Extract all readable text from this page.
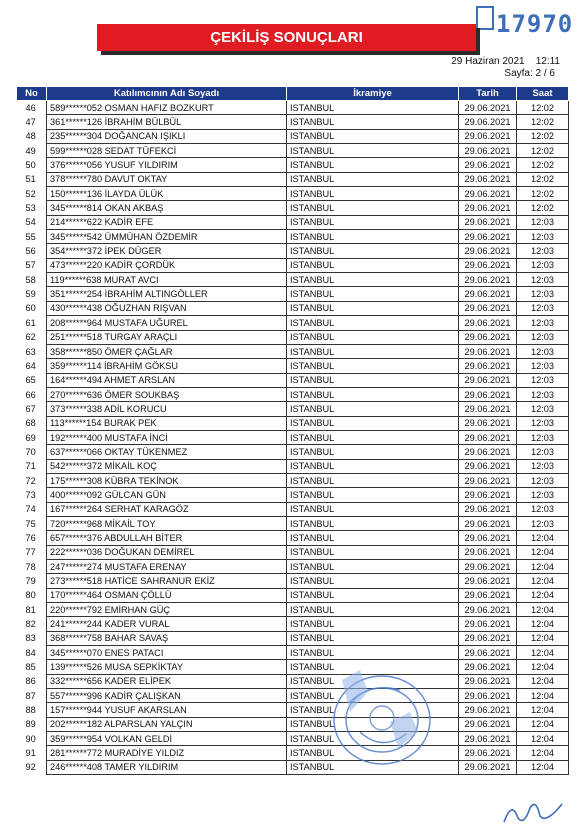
17970
ÇEKİLİŞ SONUÇLARI
29 Haziran 2021    12:11
Sayfa: 2 / 6
No	Katılımcının Adı Soyadı	İkramiye	Tarih	Saat
46	589******052 OSMAN HAFIZ BOZKURT	ISTANBUL	29.06.2021	12:02
47	361******126 İBRAHİM BÜLBÜL	ISTANBUL	29.06.2021	12:02
48	235******304 DOĞANCAN IŞIKLI	ISTANBUL	29.06.2021	12:02
49	599******028 SEDAT TÜFEKCİ	ISTANBUL	29.06.2021	12:02
50	376******056 YUSUF YILDIRIM	ISTANBUL	29.06.2021	12:02
51	378******780 DAVUT OKTAY	ISTANBUL	29.06.2021	12:02
52	150******136 İLAYDA ÜLÜK	ISTANBUL	29.06.2021	12:02
53	345******814 OKAN AKBAŞ	ISTANBUL	29.06.2021	12:02
54	214******622 KADİR EFE	ISTANBUL	29.06.2021	12:03
55	345******542 ÜMMÜHAN ÖZDEMİR	ISTANBUL	29.06.2021	12:03
56	354******372 İPEK DÜGER	ISTANBUL	29.06.2021	12:03
57	473******220 KADİR ÇORDÜK	ISTANBUL	29.06.2021	12:03
58	119******638 MURAT AVCI	ISTANBUL	29.06.2021	12:03
59	351******254 İBRAHİM ALTINGÖLLER	ISTANBUL	29.06.2021	12:03
60	430******438 OĞUZHAN RIŞVAN	ISTANBUL	29.06.2021	12:03
61	208******964 MUSTAFA UĞUREL	ISTANBUL	29.06.2021	12:03
62	251******518 TURGAY ARAÇLI	ISTANBUL	29.06.2021	12:03
63	358******850 ÖMER ÇAĞLAR	ISTANBUL	29.06.2021	12:03
64	359******114 İBRAHİM GÖKSU	ISTANBUL	29.06.2021	12:03
65	164******494 AHMET ARSLAN	ISTANBUL	29.06.2021	12:03
66	270******636 ÖMER SOUKBAŞ	ISTANBUL	29.06.2021	12:03
67	373******338 ADİL KORUCU	ISTANBUL	29.06.2021	12:03
68	113******154 BURAK PEK	ISTANBUL	29.06.2021	12:03
69	192******400 MUSTAFA İNCİ	ISTANBUL	29.06.2021	12:03
70	637******066 OKTAY TÜKENMEZ	ISTANBUL	29.06.2021	12:03
71	542******372 MİKAİL KOÇ	ISTANBUL	29.06.2021	12:03
72	175******308 KÜBRA TEKİNOK	ISTANBUL	29.06.2021	12:03
73	400******092 GÜLCAN GÜN	ISTANBUL	29.06.2021	12:03
74	167******264 SERHAT KARAGÖZ	ISTANBUL	29.06.2021	12:03
75	720******968 MİKAİL TOY	ISTANBUL	29.06.2021	12:03
76	657******376 ABDULLAH BİTER	ISTANBUL	29.06.2021	12:04
77	222******036 DOĞUKAN DEMİREL	ISTANBUL	29.06.2021	12:04
78	247******274 MUSTAFA ERENAY	ISTANBUL	29.06.2021	12:04
79	273******518 HATİCE SAHRANUR EKİZ	ISTANBUL	29.06.2021	12:04
80	170******464 OSMAN ÇÖLLÜ	ISTANBUL	29.06.2021	12:04
81	220******792 EMİRHAN GÜÇ	ISTANBUL	29.06.2021	12:04
82	241******244 KADER VURAL	ISTANBUL	29.06.2021	12:04
83	368******758 BAHAR SAVAŞ	ISTANBUL	29.06.2021	12:04
84	345******070 ENES PATACI	ISTANBUL	29.06.2021	12:04
85	139******526 MUSA SEPKİKTAY	ISTANBUL	29.06.2021	12:04
86	332******656 KADER ELİPEK	ISTANBUL	29.06.2021	12:04
87	557******996 KADİR ÇALIŞKAN	ISTANBUL	29.06.2021	12:04
88	157******944 YUSUF AKARSLAN	ISTANBUL	29.06.2021	12:04
89	202******182 ALPARSLAN YALÇIN	ISTANBUL	29.06.2021	12:04
90	359******954 VOLKAN GELDİ	ISTANBUL	29.06.2021	12:04
91	281******772 MURADİYE YILDIZ	ISTANBUL	29.06.2021	12:04
92	246******408 TAMER YILDIRIM	ISTANBUL	29.06.2021	12:04
